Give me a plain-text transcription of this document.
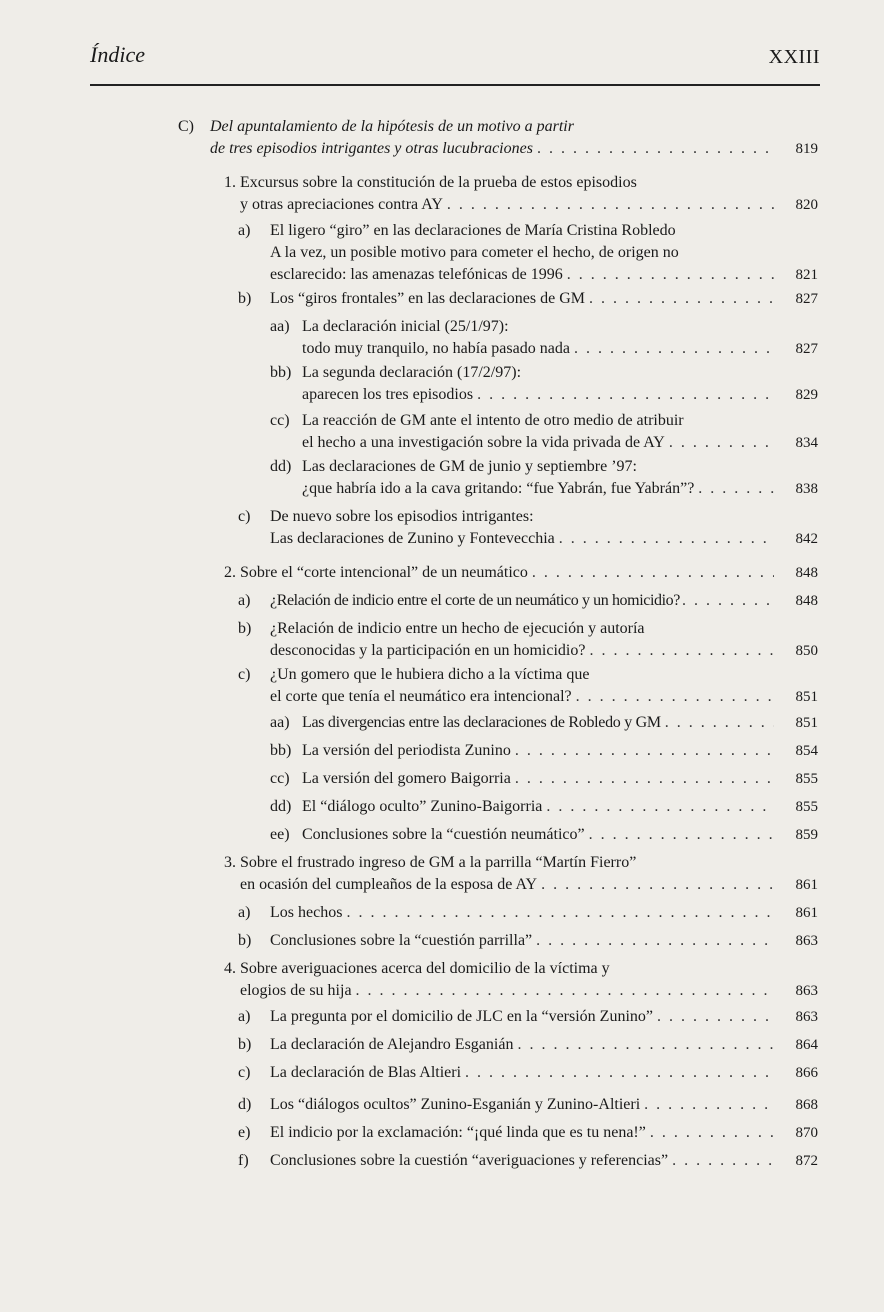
Índice	XXIII
C)	Del apuntalamiento de la hipótesis de un motivo a partir
de tres episodios intrigantes y otras lucubraciones . . .	819
1. Excursus sobre la constitución de la prueba de estos episodios
y otras apreciaciones contra AY . . .	820
a)	El ligero “giro” en las declaraciones de María Cristina Robledo
A la vez, un posible motivo para cometer el hecho, de origen no
esclarecido: las amenazas telefónicas de 1996 . . .	821
b)	Los “giros frontales” en las declaraciones de GM . . .	827
aa) La declaración inicial (25/1/97):
todo muy tranquilo, no había pasado nada . . .	827
bb) La segunda declaración (17/2/97):
aparecen los tres episodios . . .	829
cc) La reacción de GM ante el intento de otro medio de atribuir
el hecho a una investigación sobre la vida privada de AY . . .	834
dd) Las declaraciones de GM de junio y septiembre ’97:
¿que habría ido a la cava gritando: “fue Yabrán, fue Yabrán”? . . .	838
c)	De nuevo sobre los episodios intrigantes:
Las declaraciones de Zunino y Fontevecchia . . .	842
2. Sobre el “corte intencional” de un neumático . . .	848
a)	¿Relación de indicio entre el corte de un neumático y un homicidio? . . .	848
b)	¿Relación de indicio entre un hecho de ejecución y autoría
desconocidas y la participación en un homicidio? . . .	850
c)	¿Un gomero que le hubiera dicho a la víctima que
el corte que tenía el neumático era intencional? . . .	851
aa) Las divergencias entre las declaraciones de Robledo y GM . . .	851
bb) La versión del periodista Zunino . . .	854
cc) La versión del gomero Baigorria . . .	855
dd) El “diálogo oculto” Zunino-Baigorria . . .	855
ee) Conclusiones sobre la “cuestión neumático” . . .	859
3. Sobre el frustrado ingreso de GM a la parrilla “Martín Fierro”
en ocasión del cumpleaños de la esposa de AY . . .	861
a)	Los hechos . . .	861
b)	Conclusiones sobre la “cuestión parrilla” . . .	863
4. Sobre averiguaciones acerca del domicilio de la víctima y
elogios de su hija . . .	863
a)	La pregunta por el domicilio de JLC en la “versión Zunino” . . .	863
b)	La declaración de Alejandro Esganián . . .	864
c)	La declaración de Blas Altieri . . .	866
d)	Los “diálogos ocultos” Zunino-Esganián y Zunino-Altieri . . .	868
e)	El indicio por la exclamación: “¡qué linda que es tu nena!” . . .	870
f)	Conclusiones sobre la cuestión “averiguaciones y referencias” . . .	872
